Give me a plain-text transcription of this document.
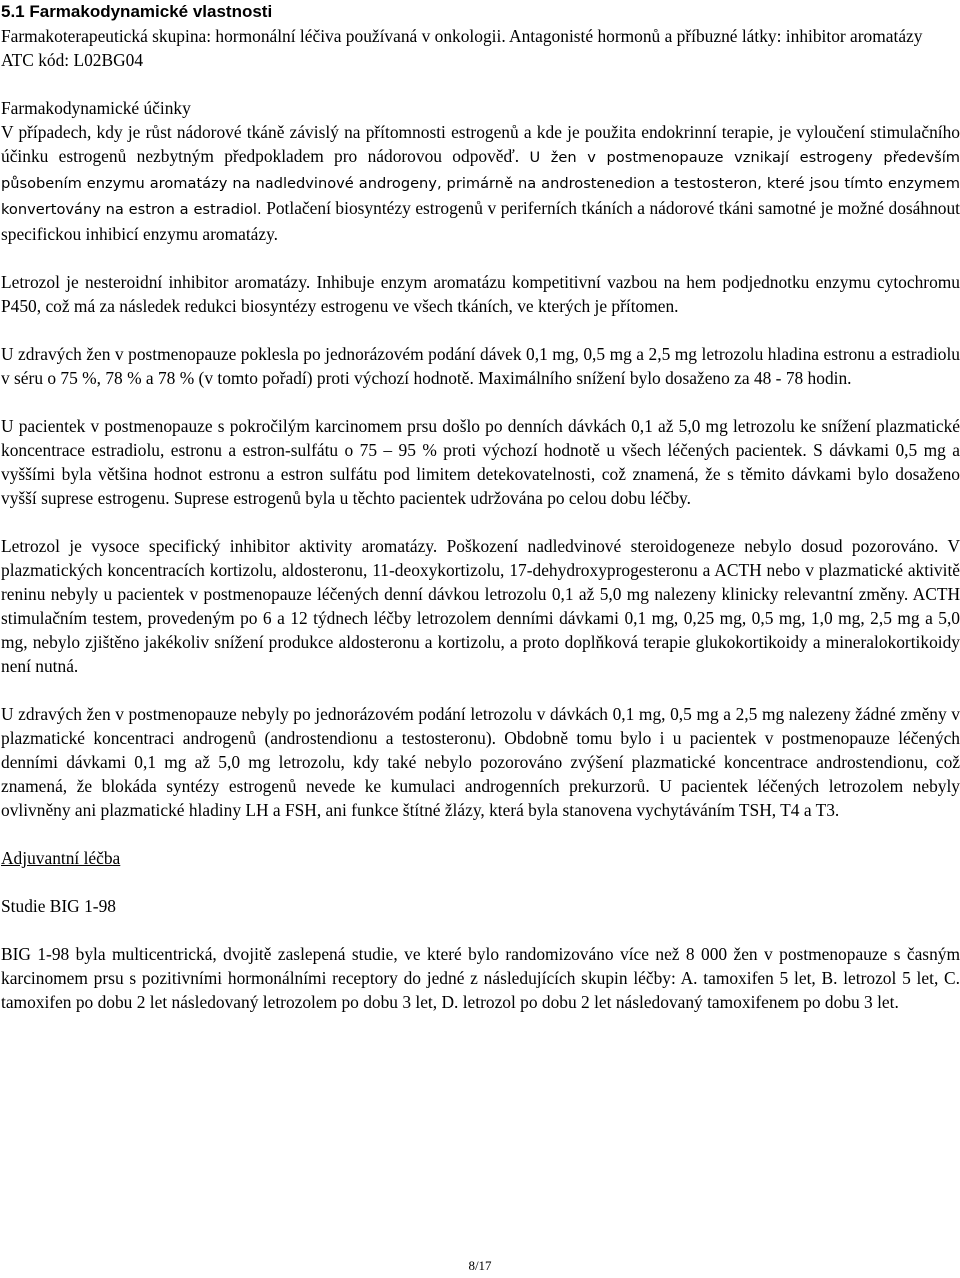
5.1 Farmakodynamické vlastnosti

Farmakoterapeutická skupina: hormonální léčiva používaná v onkologii. Antagonisté hormonů a příbuzné látky: inhibitor aromatázy

ATC kód: L02BG04

Farmakodynamické účinky

V případech, kdy je růst nádorové tkáně závislý na přítomnosti estrogenů a kde je použita endokrinní terapie, je vyloučení stimulačního účinku estrogenů nezbytným předpokladem pro nádorovou odpověď. U žen v postmenopauze vznikají estrogeny především působením enzymu aromatázy na nadledvinové androgeny, primárně na androstenedion a testosteron, které jsou tímto enzymem konvertovány na estron a estradiol. Potlačení biosyntézy estrogenů v periferních tkáních a nádorové tkáni samotné je možné dosáhnout specifickou inhibicí enzymu aromatázy.

Letrozol je nesteroidní inhibitor aromatázy. Inhibuje enzym aromatázu kompetitivní vazbou na hem podjednotku enzymu cytochromu P450, což má za následek redukci biosyntézy estrogenu ve všech tkáních, ve kterých je přítomen.

U zdravých žen v postmenopauze poklesla po jednorázovém podání dávek 0,1 mg, 0,5 mg a 2,5 mg letrozolu hladina estronu a estradiolu v séru o 75 %, 78 % a 78 % (v tomto pořadí) proti výchozí hodnotě. Maximálního snížení bylo dosaženo za 48 - 78 hodin.

U pacientek v postmenopauze s pokročilým karcinomem prsu došlo po denních dávkách 0,1 až 5,0 mg letrozolu ke snížení plazmatické koncentrace estradiolu, estronu a estron-sulfátu o 75 – 95 % proti výchozí hodnotě u všech léčených pacientek. S dávkami 0,5 mg a vyššími byla většina hodnot estronu a estron sulfátu pod limitem detekovatelnosti, což znamená, že s těmito dávkami bylo dosaženo vyšší suprese estrogenu. Suprese estrogenů byla u těchto pacientek udržována po celou dobu léčby.

Letrozol je vysoce specifický inhibitor aktivity aromatázy. Poškození nadledvinové steroidogeneze nebylo dosud pozorováno. V plazmatických koncentracích kortizolu, aldosteronu, 11-deoxykortizolu, 17-dehydroxyprogesteronu a ACTH nebo v plazmatické aktivitě reninu nebyly u pacientek v postmenopauze léčených denní dávkou letrozolu 0,1 až 5,0 mg nalezeny klinicky relevantní změny. ACTH stimulačním testem, provedeným po 6 a 12 týdnech léčby letrozolem denními dávkami 0,1 mg, 0,25 mg, 0,5 mg, 1,0 mg, 2,5 mg a 5,0 mg, nebylo zjištěno jakékoliv snížení produkce aldosteronu a kortizolu, a proto doplňková terapie glukokortikoidy a mineralokortikoidy není nutná.

U zdravých žen v postmenopauze nebyly po jednorázovém podání letrozolu v dávkách 0,1 mg, 0,5 mg a 2,5 mg nalezeny žádné změny v plazmatické koncentraci androgenů (androstendionu a testosteronu). Obdobně tomu bylo i u pacientek v postmenopauze léčených denními dávkami 0,1 mg až 5,0 mg letrozolu, kdy také nebylo pozorováno zvýšení plazmatické koncentrace androstendionu, což znamená, že blokáda syntézy estrogenů nevede ke kumulaci androgenních prekurzorů. U pacientek léčených letrozolem nebyly ovlivněny ani plazmatické hladiny LH a FSH, ani funkce štítné žlázy, která byla stanovena vychytáváním TSH, T4 a T3.

Adjuvantní léčba

Studie BIG 1-98

BIG 1-98 byla multicentrická, dvojitě zaslepená studie, ve které bylo randomizováno více než 8 000 žen v postmenopauze s časným karcinomem prsu s pozitivními hormonálními receptory do jedné z následujících skupin léčby: A. tamoxifen 5 let, B. letrozol 5 let, C. tamoxifen po dobu 2 let následovaný letrozolem po dobu 3 let, D. letrozol po dobu 2 let následovaný tamoxifenem po dobu 3 let.

8/17
